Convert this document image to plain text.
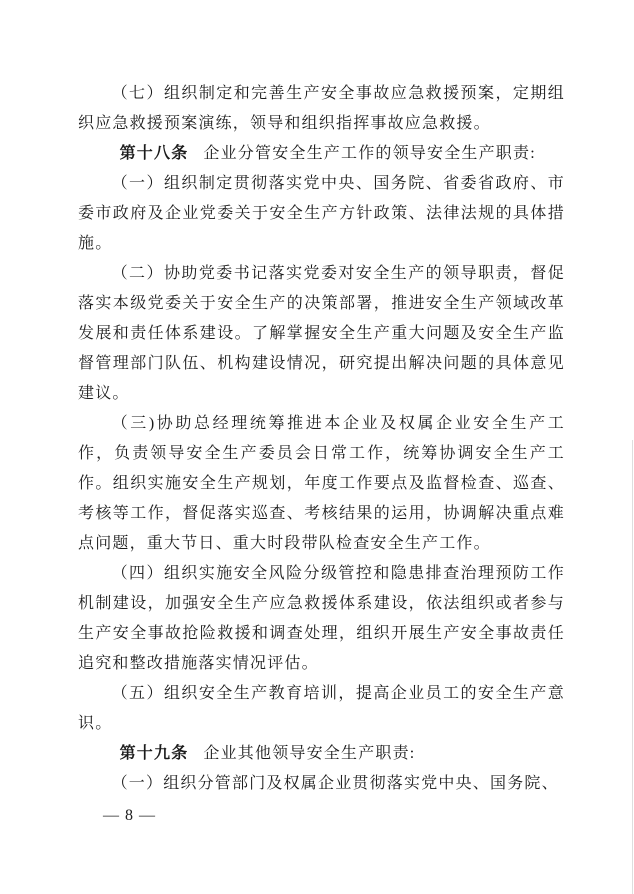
（七）组织制定和完善生产安全事故应急救援预案，定期组织应急救援预案演练，领导和组织指挥事故应急救援。

第十八条 企业分管安全生产工作的领导安全生产职责:

（一）组织制定贯彻落实党中央、国务院、省委省政府、市委市政府及企业党委关于安全生产方针政策、法律法规的具体措施。

（二）协助党委书记落实党委对安全生产的领导职责，督促落实本级党委关于安全生产的决策部署，推进安全生产领域改革发展和责任体系建设。了解掌握安全生产重大问题及安全生产监督管理部门队伍、机构建设情况，研究提出解决问题的具体意见建议。

（三)协助总经理统筹推进本企业及权属企业安全生产工作，负责领导安全生产委员会日常工作，统筹协调安全生产工作。组织实施安全生产规划，年度工作要点及监督检查、巡查、考核等工作，督促落实巡查、考核结果的运用，协调解决重点难点问题，重大节日、重大时段带队检查安全生产工作。

（四）组织实施安全风险分级管控和隐患排查治理预防工作机制建设，加强安全生产应急救援体系建设，依法组织或者参与生产安全事故抢险救援和调查处理，组织开展生产安全事故责任追究和整改措施落实情况评估。

（五）组织安全生产教育培训，提高企业员工的安全生产意识。

第十九条 企业其他领导安全生产职责:

（一）组织分管部门及权属企业贯彻落实党中央、国务院、

— 8 —
